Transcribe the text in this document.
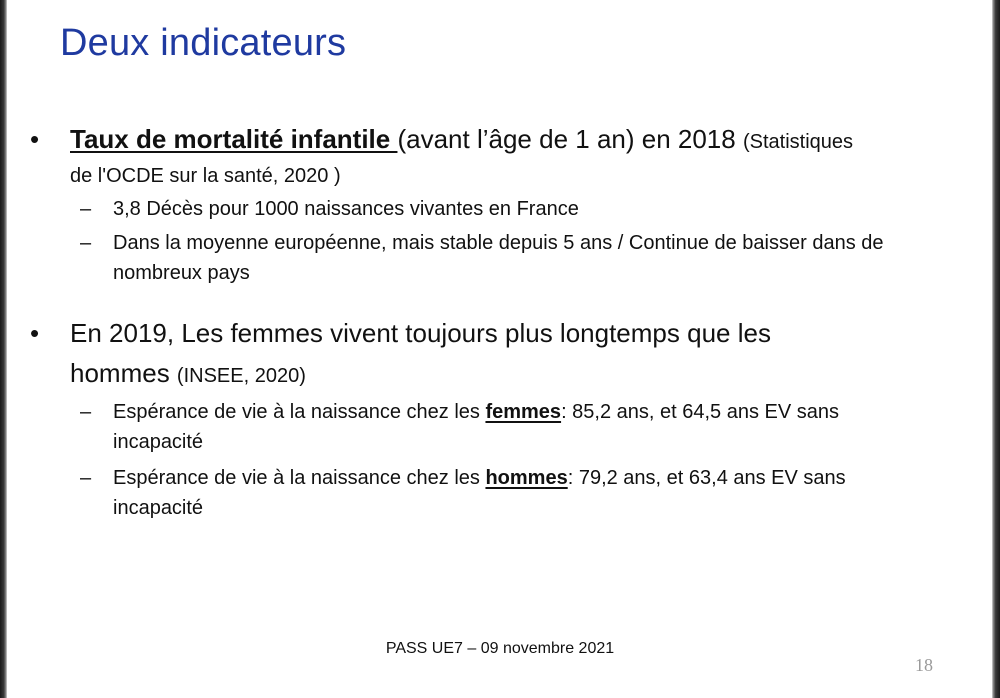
Deux indicateurs
• Taux de mortalité infantile (avant l’âge de 1 an) en 2018 (Statistiques
de l'OCDE sur la santé, 2020 )
– 3,8 Décès pour 1000 naissances vivantes en France
– Dans la moyenne européenne, mais stable depuis 5 ans / Continue de baisser dans de
nombreux pays
• En 2019, Les femmes vivent toujours plus longtemps que les
hommes (INSEE, 2020)
– Espérance de vie à la naissance chez les femmes: 85,2 ans, et 64,5 ans EV sans
incapacité
– Espérance de vie à la naissance chez les hommes: 79,2 ans, et 63,4 ans EV sans
incapacité
PASS UE7 – 09 novembre 2021
18
